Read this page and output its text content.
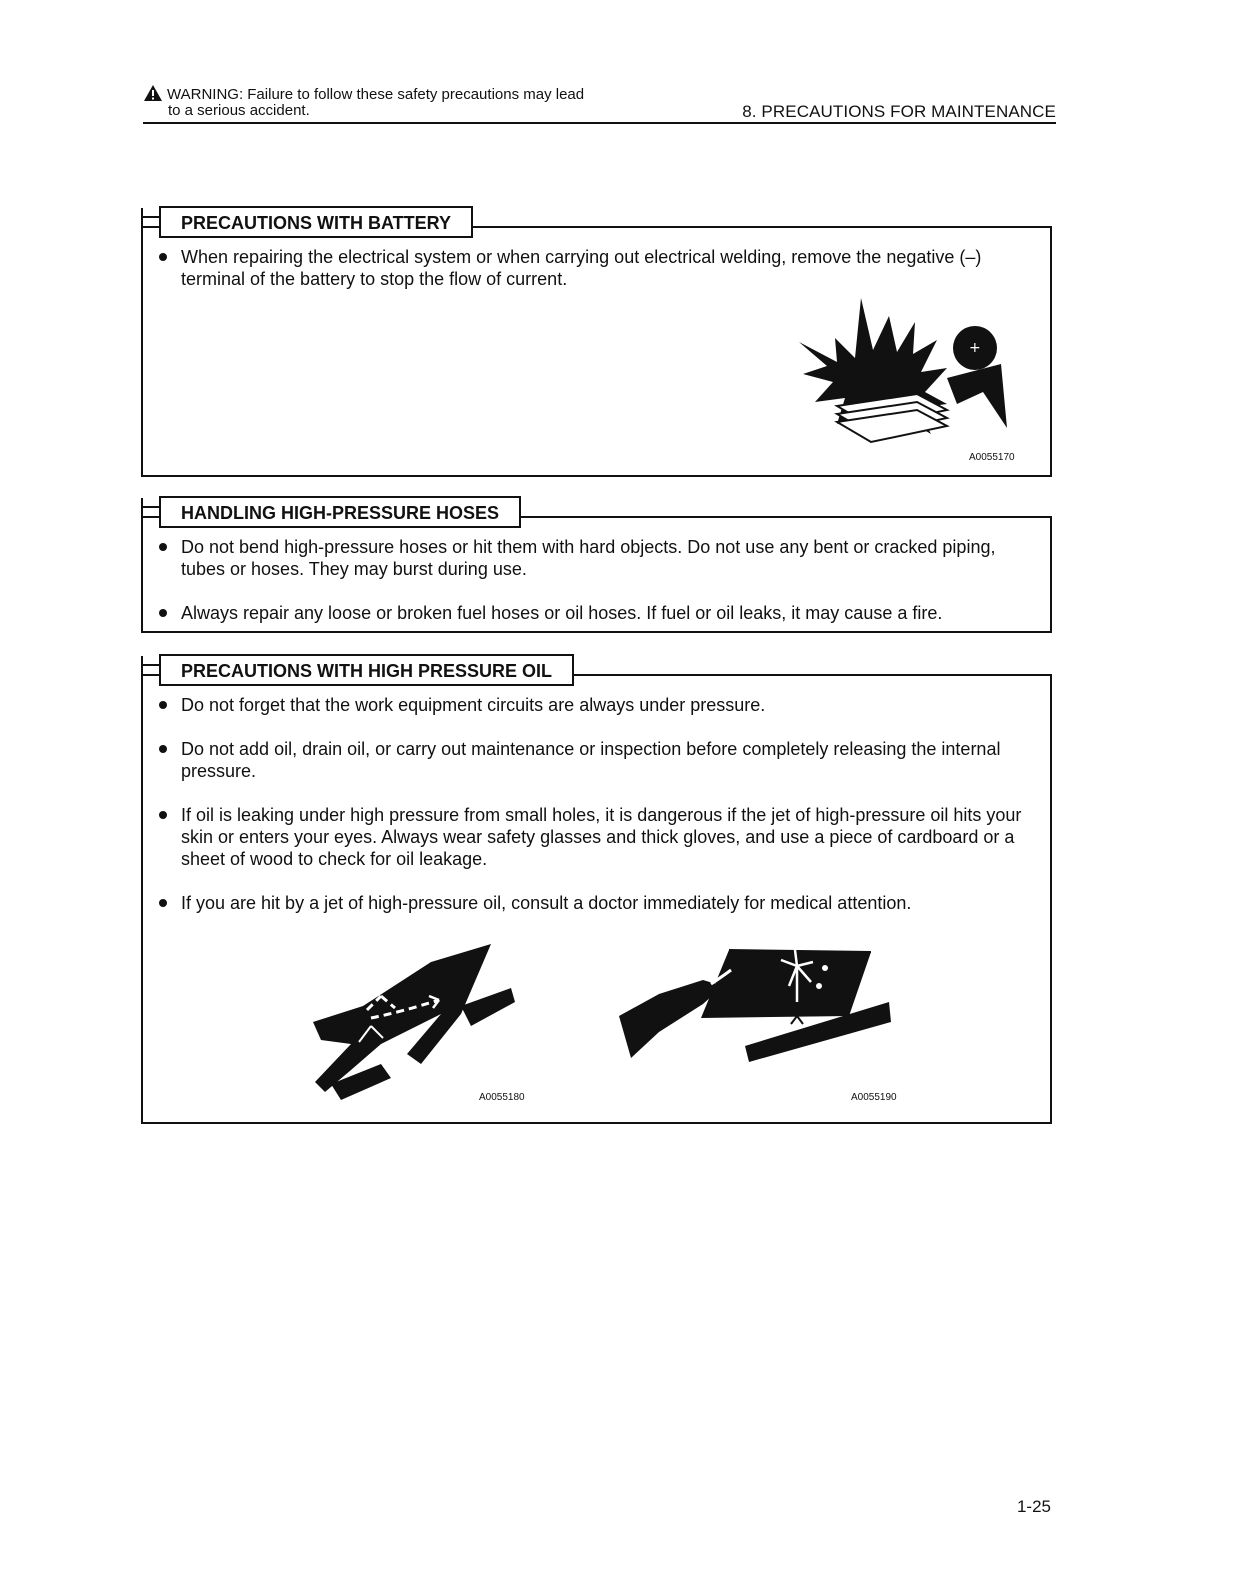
WARNING: Failure to follow these safety precautions may lead
to a serious accident.	8. PRECAUTIONS FOR MAINTENANCE
PRECAUTIONS WITH BATTERY
When repairing the electrical system or when carrying out electrical welding, remove the negative (–) terminal of the battery to stop the flow of current.
+
A0055170
HANDLING HIGH-PRESSURE HOSES
Do not bend high-pressure hoses or hit them with hard objects. Do not use any bent or cracked piping, tubes or hoses. They may burst during use.
Always repair any loose or broken fuel hoses or oil hoses. If fuel or oil leaks, it may cause a fire.
PRECAUTIONS WITH HIGH PRESSURE OIL
Do not forget that the work equipment circuits are always under pressure.
Do not add oil, drain oil, or carry out maintenance or inspection before completely releasing the internal pressure.
If oil is leaking under high pressure from small holes, it is dangerous if the jet of high-pressure oil hits your skin or enters your eyes. Always wear safety glasses and thick gloves, and use a piece of cardboard or a sheet of wood to check for oil leakage.
If you are hit by a jet of high-pressure oil, consult a doctor immediately for medical attention.
A0055180	A0055190
1-25
